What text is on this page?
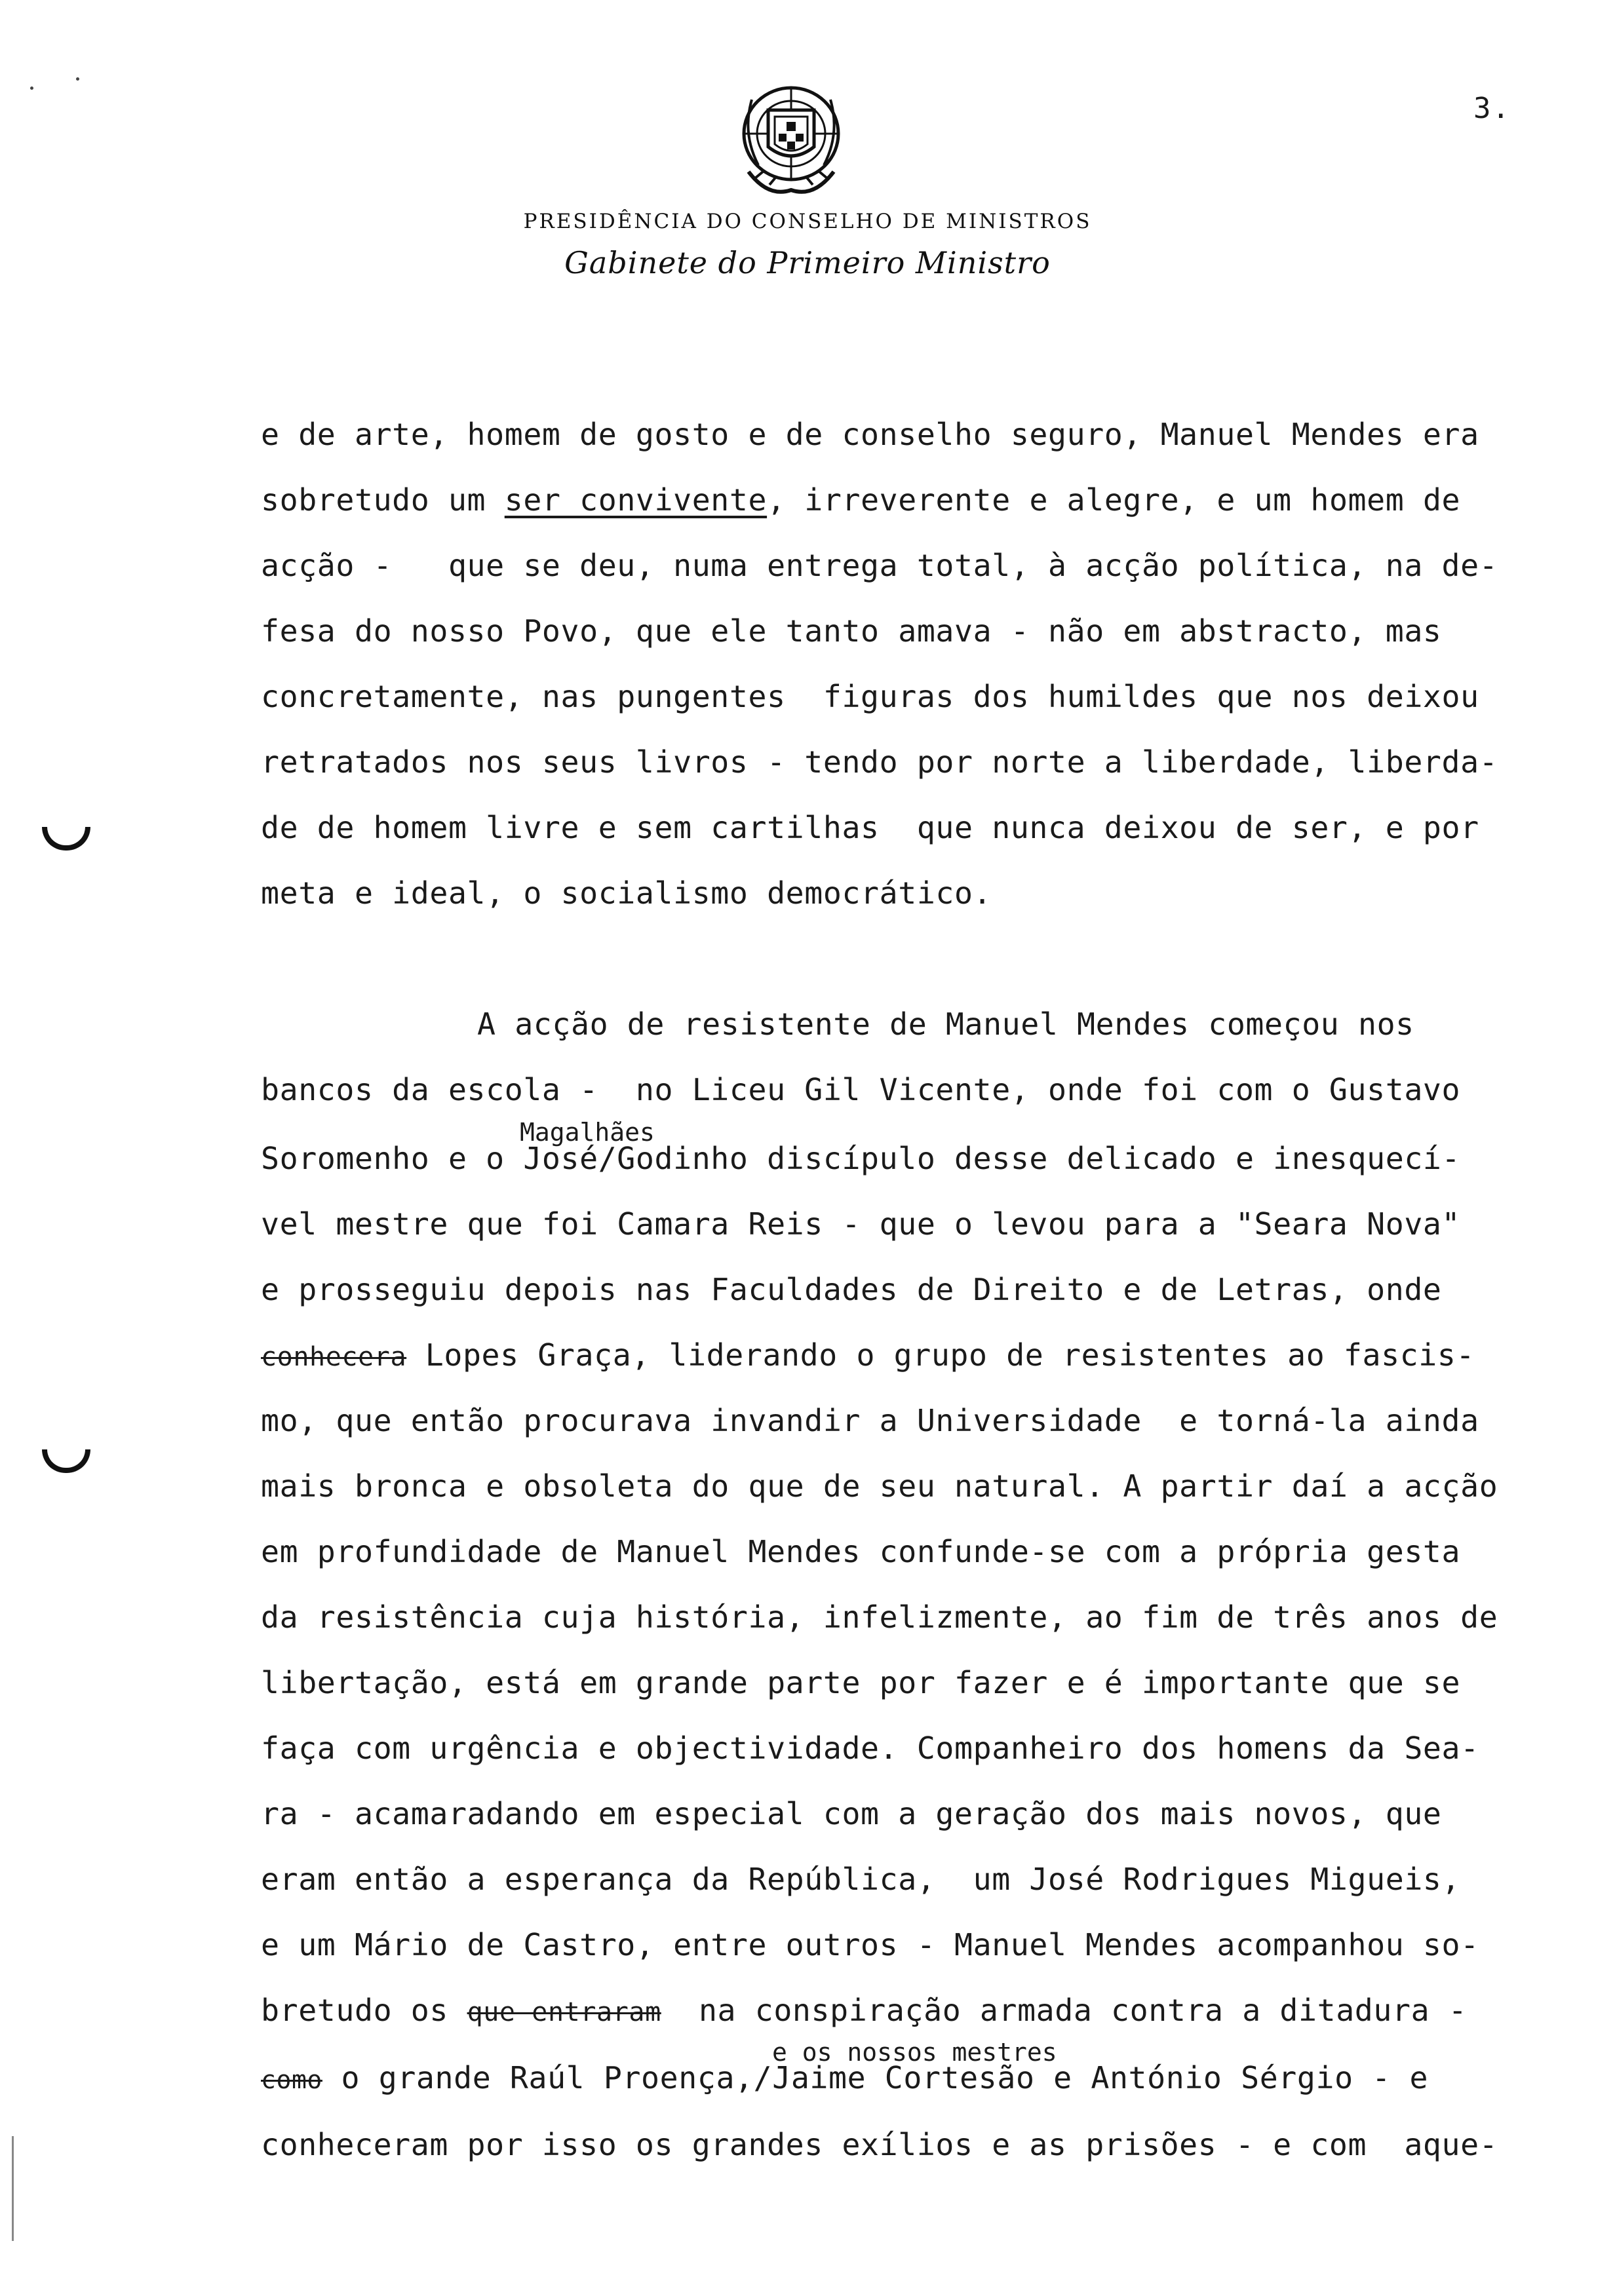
3.
PRESIDÊNCIA DO CONSELHO DE MINISTROS
Gabinete do Primeiro Ministro
e de arte, homem de gosto e de conselho seguro, Manuel Mendes era
sobretudo um ser convivente, irreverente e alegre, e um homem de
acção -   que se deu, numa entrega total, à acção política, na de-
fesa do nosso Povo, que ele tanto amava - não em abstracto, mas
concretamente, nas pungentes  figuras dos humildes que nos deixou
retratados nos seus livros - tendo por norte a liberdade, liberda-
de de homem livre e sem cartilhas  que nunca deixou de ser, e por
meta e ideal, o socialismo democrático.
A acção de resistente de Manuel Mendes começou nos
bancos da escola -  no Liceu Gil Vicente, onde foi com o Gustavo
Magalhães
Soromenho e o José/Godinho discípulo desse delicado e inesquecí-
vel mestre que foi Camara Reis - que o levou para a "Seara Nova"
e prosseguiu depois nas Faculdades de Direito e de Letras, onde
conhecera Lopes Graça, liderando o grupo de resistentes ao fascis-
mo, que então procurava invandir a Universidade  e torná-la ainda
mais bronca e obsoleta do que de seu natural. A partir daí a acção
em profundidade de Manuel Mendes confunde-se com a própria gesta
da resistência cuja história, infelizmente, ao fim de três anos de
libertação, está em grande parte por fazer e é importante que se
faça com urgência e objectividade. Companheiro dos homens da Sea-
ra - acamaradando em especial com a geração dos mais novos, que
eram então a esperança da República,  um José Rodrigues Migueis,
e um Mário de Castro, entre outros - Manuel Mendes acompanhou so-
bretudo os que entraram na conspiração armada contra a ditadura -
e os nossos mestres
como o grande Raúl Proença,/Jaime Cortesão e António Sérgio - e
conheceram por isso os grandes exílios e as prisões - e com  aque-
